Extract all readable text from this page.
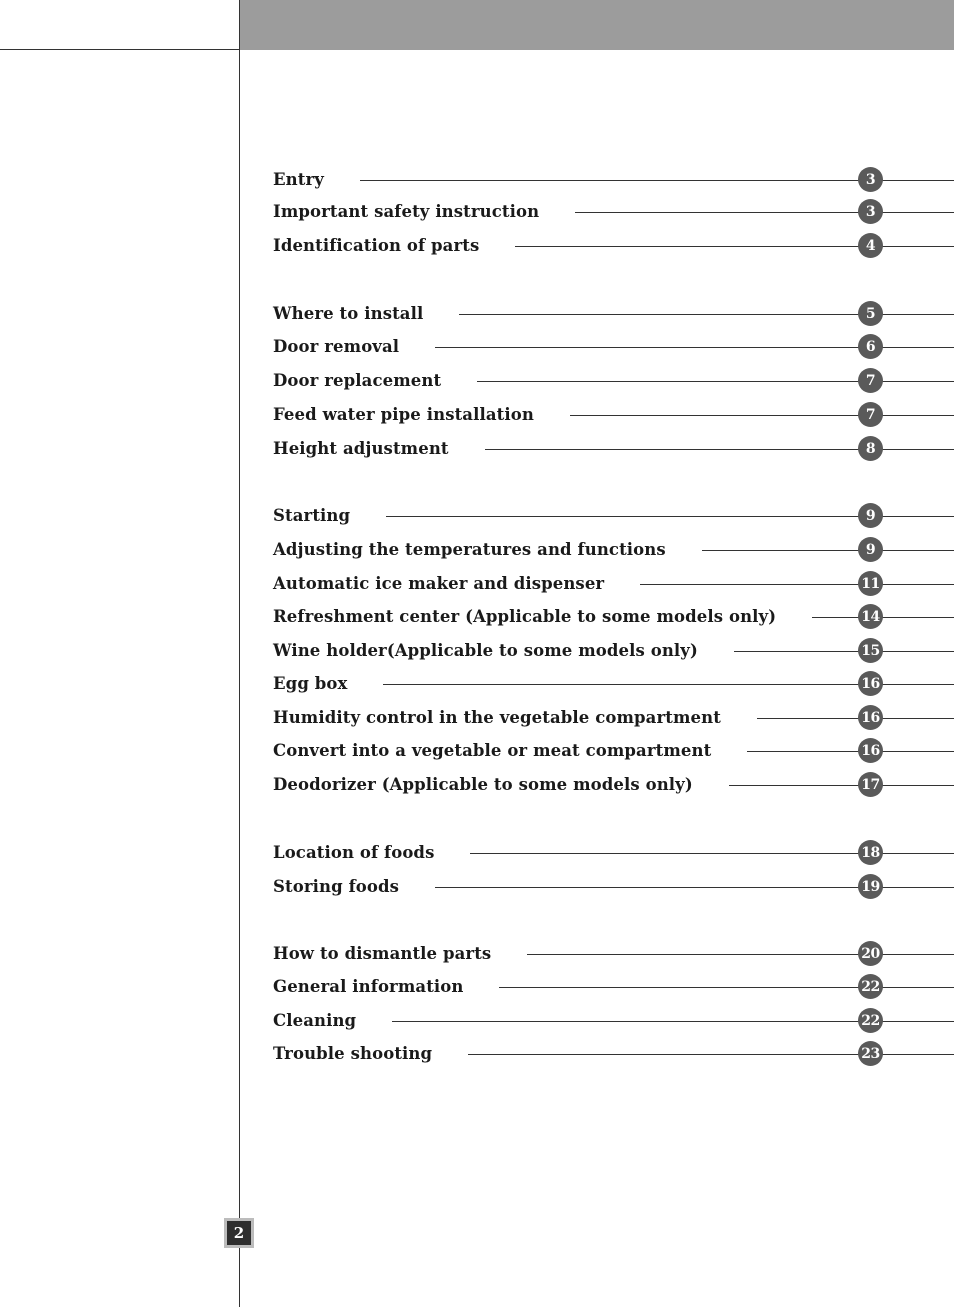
Entry	3
Important safety instruction	3
Identification of parts	4
Where to install	5
Door removal	6
Door replacement	7
Feed water pipe installation	7
Height adjustment	8
Starting	9
Adjusting the temperatures and functions	9
Automatic ice maker and dispenser	11
Refreshment center (Applicable to some models only)	14
Wine holder(Applicable to some models only)	15
Egg box	16
Humidity control in the vegetable compartment	16
Convert into a vegetable or meat compartment	16
Deodorizer (Applicable to some models only)	17
Location of foods	18
Storing foods	19
How to dismantle parts	20
General information	22
Cleaning	22
Trouble shooting	23
2
